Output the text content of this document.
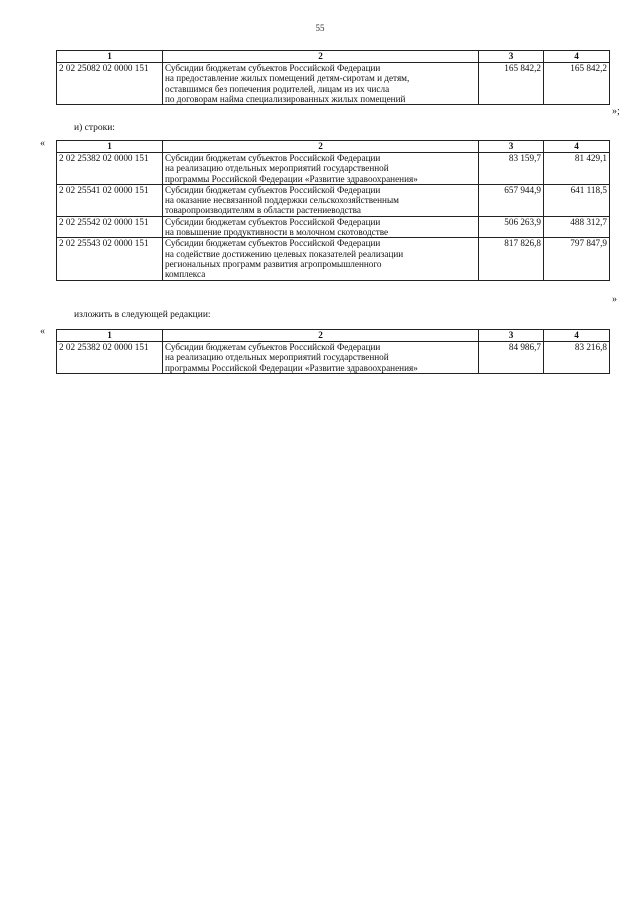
55
1	2	3	4
2 02 25082 02 0000 151	Субсидии бюджетам субъектов Российской Федерации
на предоставление жилых помещений детям-сиротам и детям,
оставшимся без попечения родителей, лицам из их числа
по договорам найма специализированных жилых помещений	165 842,2	165 842,2
»;
и) строки:
«	1	2	3	4
2 02 25382 02 0000 151	Субсидии бюджетам субъектов Российской Федерации
на реализацию отдельных мероприятий государственной
программы Российской Федерации «Развитие здравоохранения»	83 159,7	81 429,1
2 02 25541 02 0000 151	Субсидии бюджетам субъектов Российской Федерации
на оказание несвязанной поддержки сельскохозяйственным
товаропроизводителям в области растениеводства	657 944,9	641 118,5
2 02 25542 02 0000 151	Субсидии бюджетам субъектов Российской Федерации
на повышение продуктивности в молочном скотоводстве	506 263,9	488 312,7
2 02 25543 02 0000 151	Субсидии бюджетам субъектов Российской Федерации
на содействие достижению целевых показателей реализации
региональных программ развития агропромышленного
комплекса	817 826,8	797 847,9
»
изложить в следующей редакции:
«	1	2	3	4
2 02 25382 02 0000 151	Субсидии бюджетам субъектов Российской Федерации
на реализацию отдельных мероприятий государственной
программы Российской Федерации «Развитие здравоохранения»	84 986,7	83 216,8
